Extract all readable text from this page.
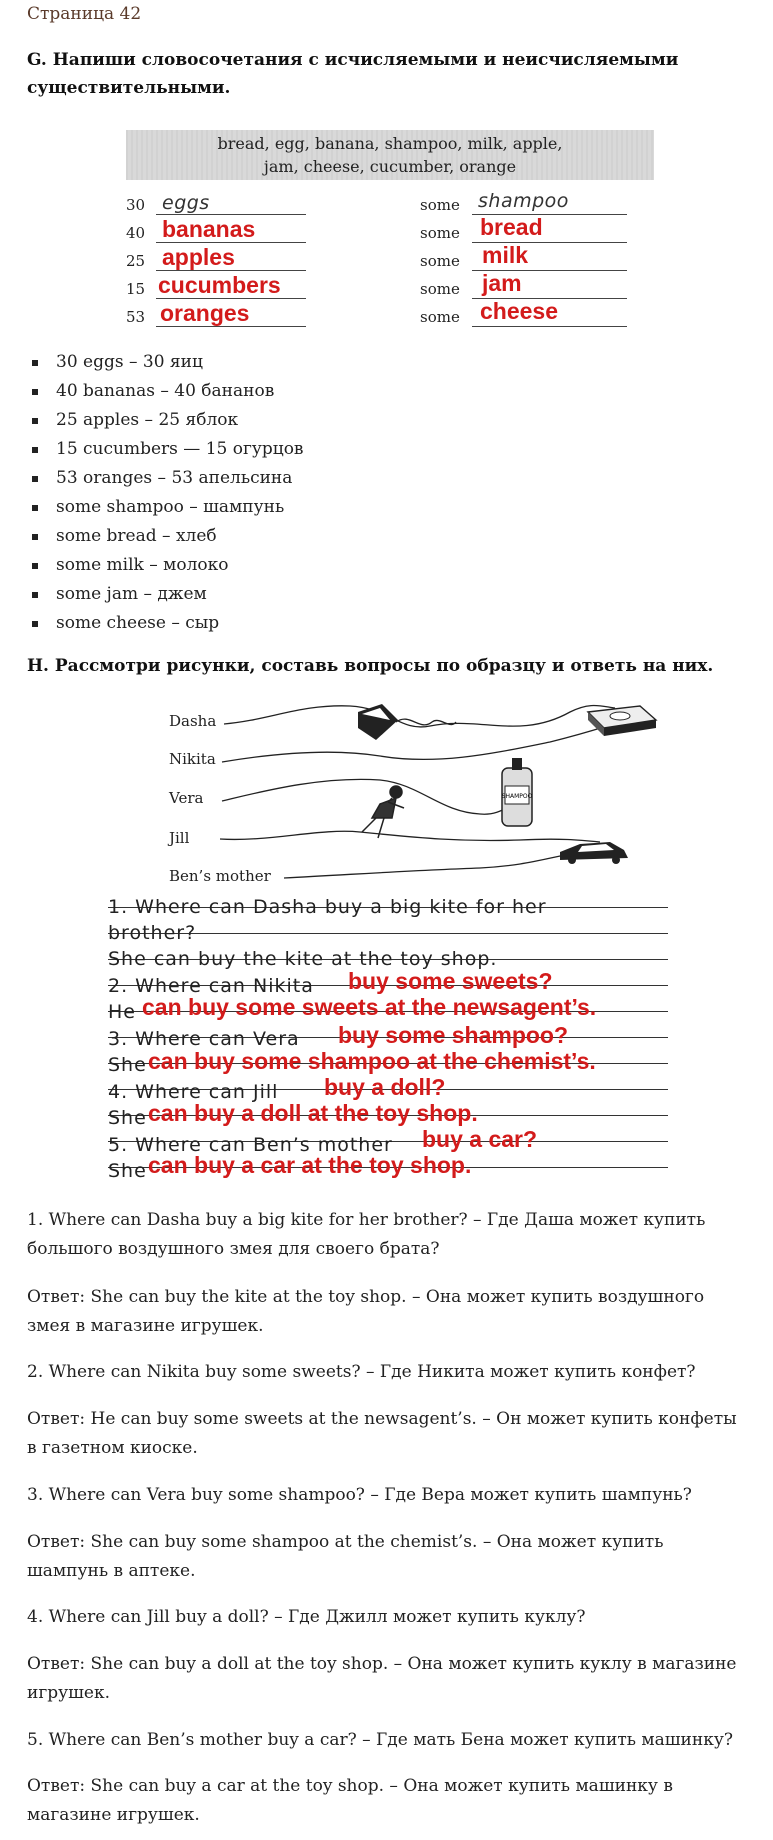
Страница 42
G. Напиши словосочетания с исчисляемыми и неисчисляемыми существительными.
bread, egg, banana, shampoo, milk, apple,
jam, cheese, cucumber, orange
30 eggs
40 bananas
25 apples
15 cucumbers
53 oranges
some shampoo
some bread
some milk
some jam
some cheese
30 eggs – 30 яиц
40 bananas – 40 бананов
25 apples – 25 яблок
15 cucumbers — 15 огурцов
53 oranges – 53 апельсина
some shampoo – шампунь
some bread – хлеб
some milk – молоко
some jam – джем
some cheese – сыр
H. Рассмотри рисунки, составь вопросы по образцу и ответь на них.
Dasha
Nikita
Vera
Jill
Ben’s mother
SHAMPOO
1. Where can Dasha buy a big kite for her
brother?
She can buy the kite at the toy shop.
2. Where can Nikita buy some sweets?
He can buy some sweets at the newsagent’s.
3. Where can Vera buy some shampoo?
She can buy some shampoo at the chemist’s.
4. Where can Jill buy a doll?
She can buy a doll at the toy shop.
5. Where can Ben’s mother buy a car?
She can buy a car at the toy shop.
1. Where can Dasha buy a big kite for her brother? – Где Даша может купить большого воздушного змея для своего брата?
Ответ: She can buy the kite at the toy shop. – Она может купить воздушного змея в магазине игрушек.
2. Where can Nikita buy some sweets? – Где Никита может купить конфет?
Ответ: He can buy some sweets at the newsagent’s. – Он может купить конфеты в газетном киоске.
3. Where can Vera buy some shampoo? – Где Вера может купить шампунь?
Ответ: She can buy some shampoo at the chemist’s. – Она может купить шампунь в аптеке.
4. Where can Jill buy a doll? – Где Джилл может купить куклу?
Ответ: She can buy a doll at the toy shop. – Она может купить куклу в магазине игрушек.
5. Where can Ben’s mother buy a car? – Где мать Бена может купить машинку?
Ответ: She can buy a car at the toy shop. – Она может купить машинку в магазине игрушек.
